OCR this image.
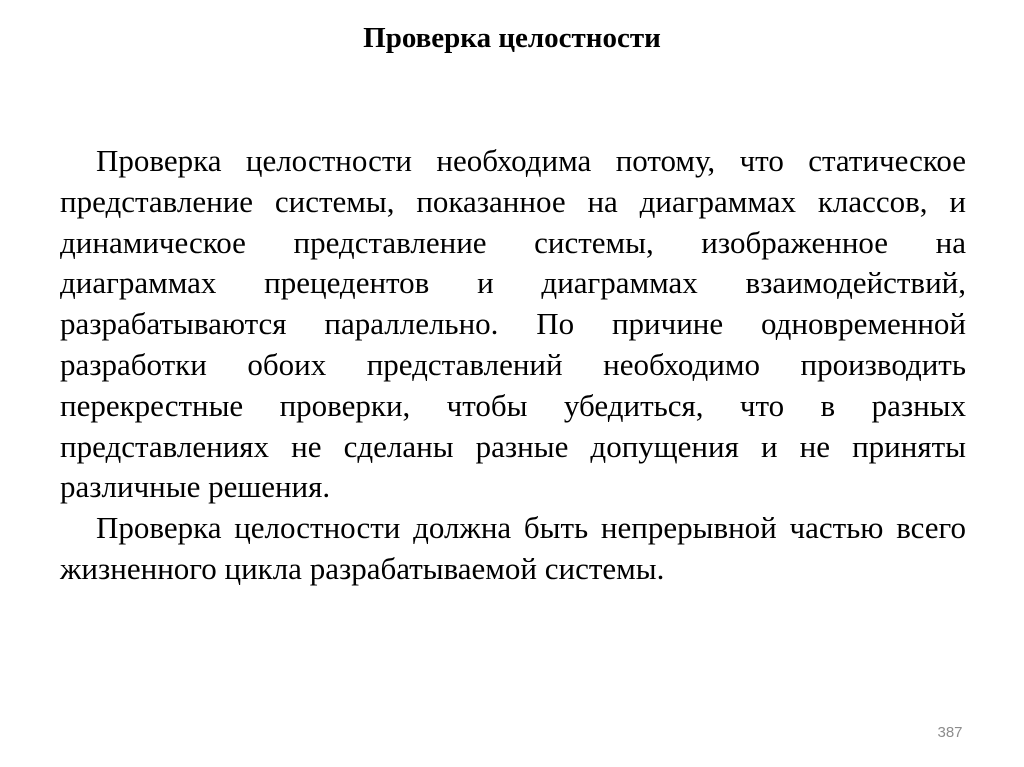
Проверка целостности

Проверка целостности необходима потому, что статическое представление системы, показанное на диаграммах классов, и динамическое представление системы, изображенное на диаграммах прецедентов и диаграммах взаимодействий, разрабатываются параллельно. По причине одновременной разработки обоих представлений необходимо производить перекрестные проверки, чтобы убедиться, что в разных представлениях не сделаны разные допущения и не приняты различные решения.

Проверка целостности должна быть непрерывной частью всего жизненного цикла разрабатываемой системы.

387
